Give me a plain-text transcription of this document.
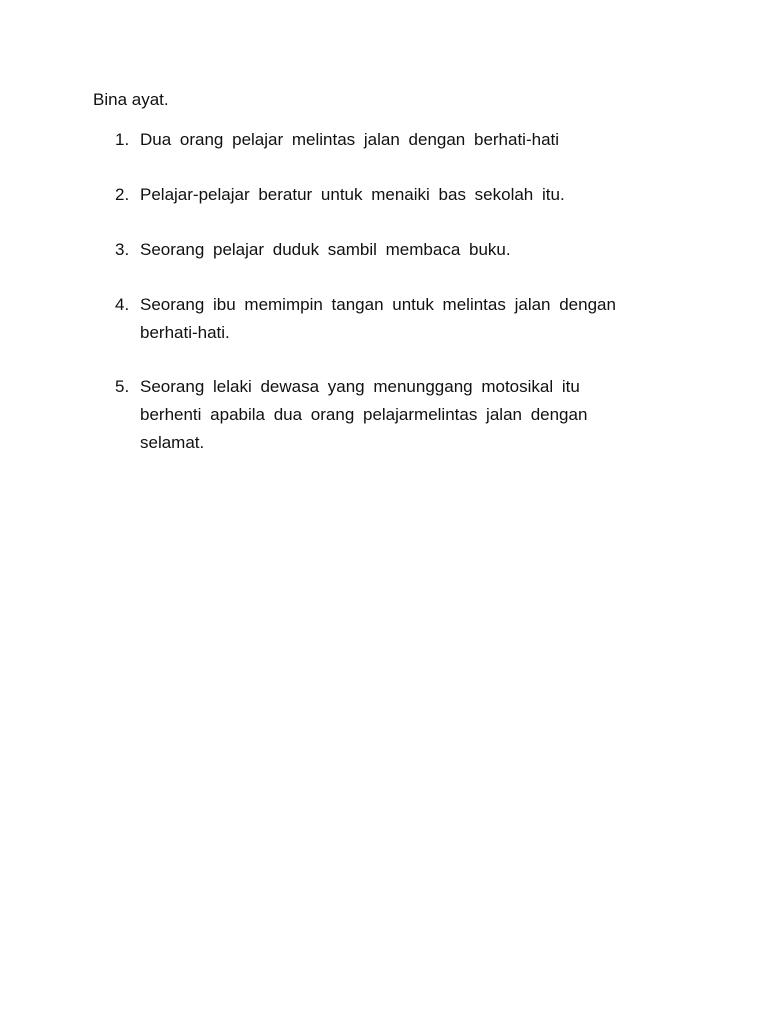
Bina ayat.

1. Dua orang pelajar melintas jalan dengan berhati-hati
2. Pelajar-pelajar beratur untuk menaiki bas sekolah itu.
3. Seorang pelajar duduk sambil membaca buku.
4. Seorang ibu memimpin tangan untuk melintas jalan dengan berhati-hati.
5. Seorang lelaki dewasa yang menunggang motosikal itu berhenti apabila dua orang pelajarmelintas jalan dengan selamat.
